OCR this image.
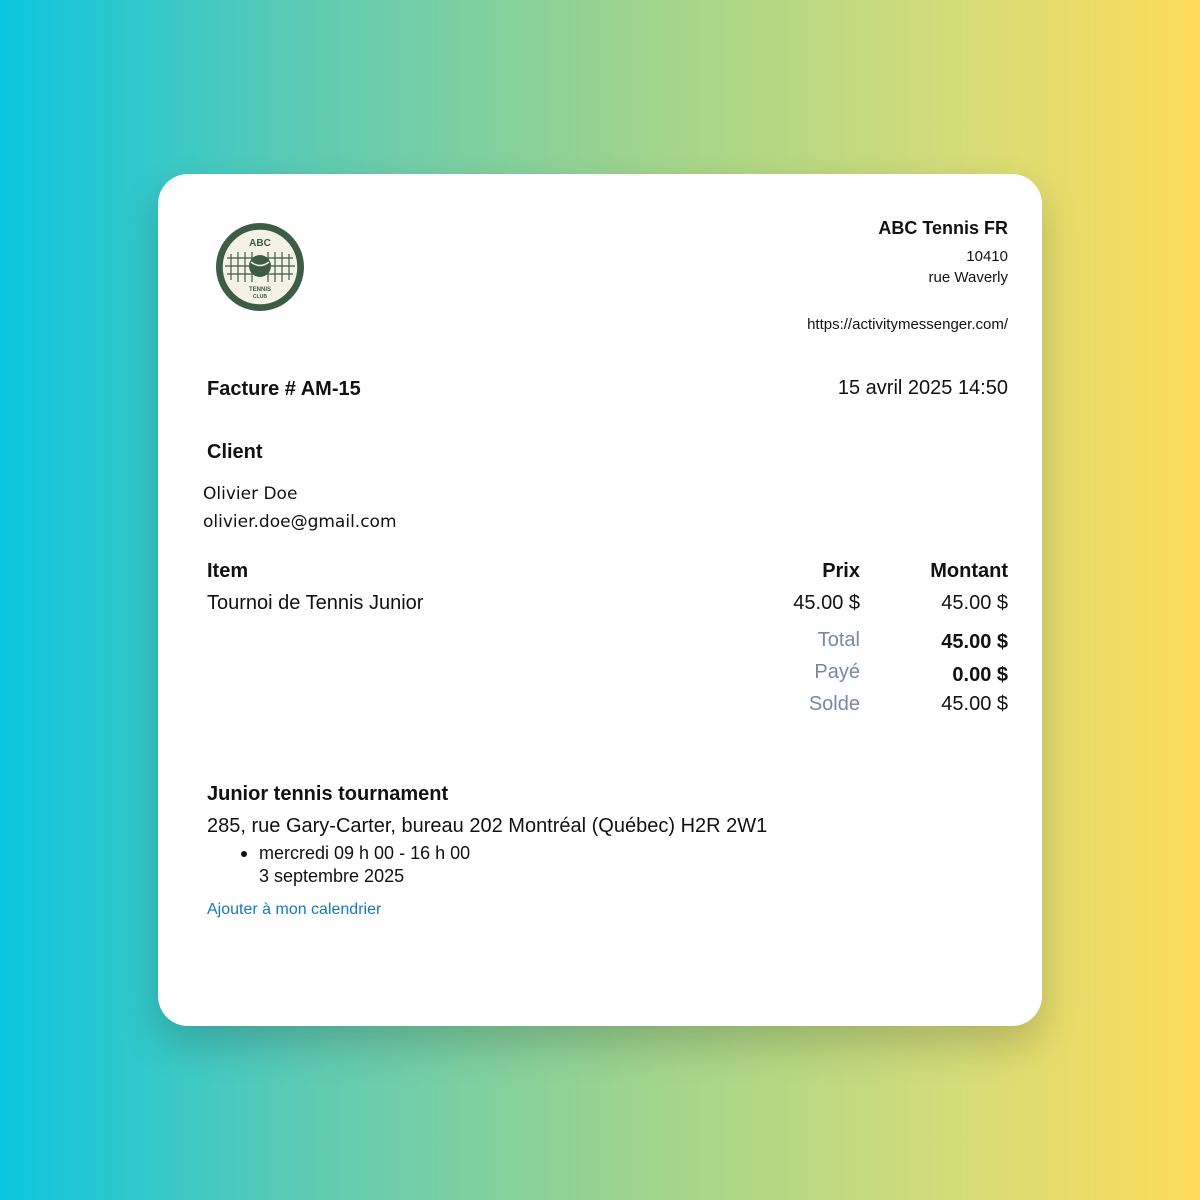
ABC
TENNIS
CLUB
ABC Tennis FR
10410
rue Waverly
https://activitymessenger.com/
Facture # AM-15	15 avril 2025 14:50
Client
Olivier Doe
olivier.doe@gmail.com
Item	Prix	Montant
Tournoi de Tennis Junior	45.00 $	45.00 $
Total	45.00 $
Payé	0.00 $
Solde	45.00 $
Junior tennis tournament
285, rue Gary-Carter, bureau 202 Montréal (Québec) H2R 2W1
mercredi 09 h 00 - 16 h 00
3 septembre 2025
Ajouter à mon calendrier
